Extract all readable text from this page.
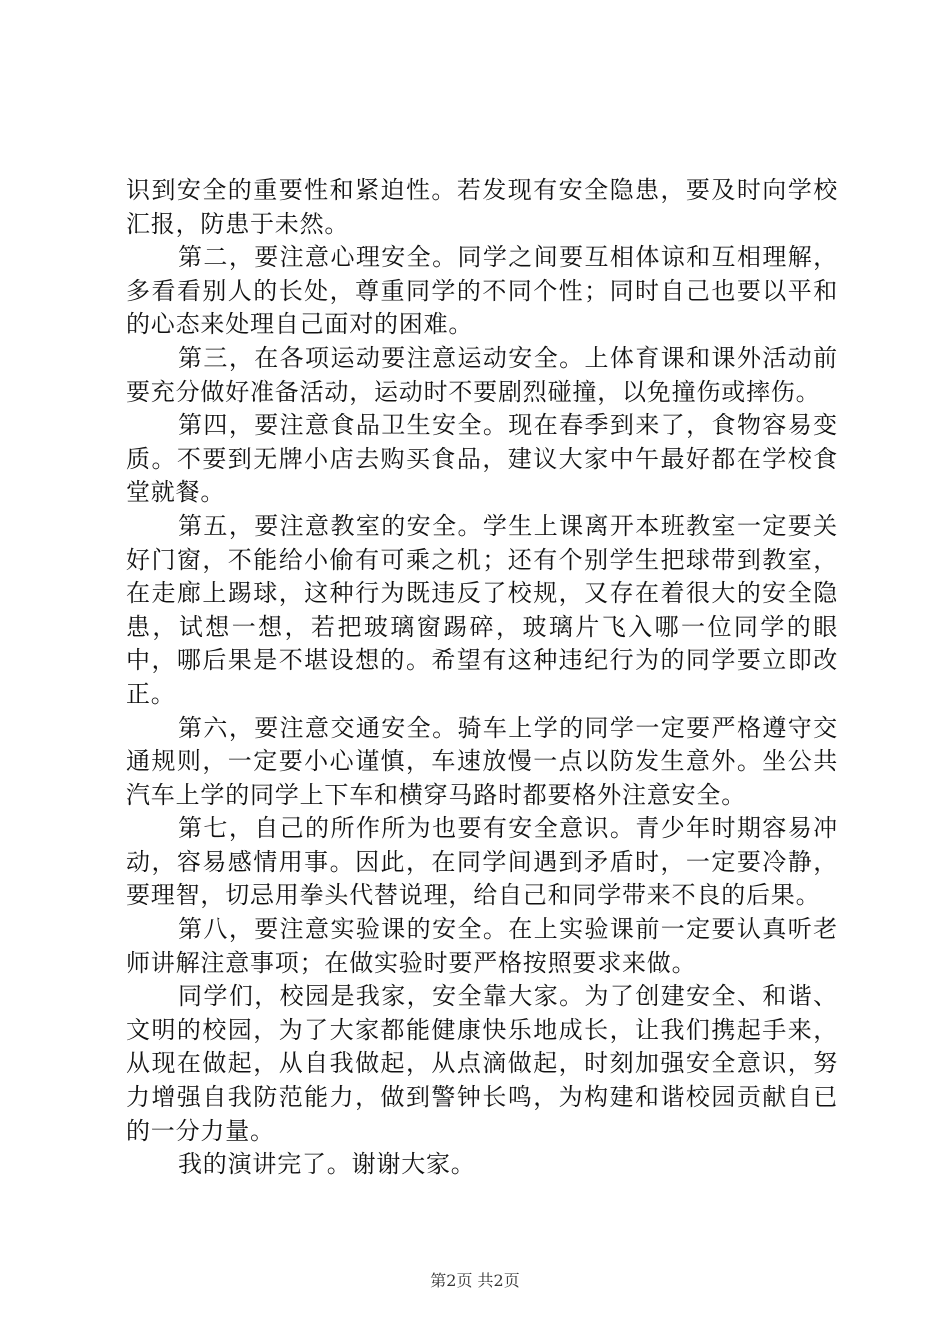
识到安全的重要性和紧迫性。若发现有安全隐患，要及时向学校汇报，防患于未然。

第二，要注意心理安全。同学之间要互相体谅和互相理解，多看看别人的长处，尊重同学的不同个性；同时自己也要以平和的心态来处理自己面对的困难。

第三，在各项运动要注意运动安全。上体育课和课外活动前要充分做好准备活动，运动时不要剧烈碰撞，以免撞伤或摔伤。

第四，要注意食品卫生安全。现在春季到来了，食物容易变质。不要到无牌小店去购买食品，建议大家中午最好都在学校食堂就餐。

第五，要注意教室的安全。学生上课离开本班教室一定要关好门窗，不能给小偷有可乘之机；还有个别学生把球带到教室，在走廊上踢球，这种行为既违反了校规，又存在着很大的安全隐患，试想一想，若把玻璃窗踢碎，玻璃片飞入哪一位同学的眼中，哪后果是不堪设想的。希望有这种违纪行为的同学要立即改正。

第六，要注意交通安全。骑车上学的同学一定要严格遵守交通规则，一定要小心谨慎，车速放慢一点以防发生意外。坐公共汽车上学的同学上下车和横穿马路时都要格外注意安全。

第七，自己的所作所为也要有安全意识。青少年时期容易冲动，容易感情用事。因此，在同学间遇到矛盾时，一定要冷静，要理智，切忌用拳头代替说理，给自己和同学带来不良的后果。

第八，要注意实验课的安全。在上实验课前一定要认真听老师讲解注意事项；在做实验时要严格按照要求来做。

同学们，校园是我家，安全靠大家。为了创建安全、和谐、文明的校园，为了大家都能健康快乐地成长，让我们携起手来，从现在做起，从自我做起，从点滴做起，时刻加强安全意识，努力增强自我防范能力，做到警钟长鸣，为构建和谐校园贡献自已的一分力量。

我的演讲完了。谢谢大家。

第2页 共2页
